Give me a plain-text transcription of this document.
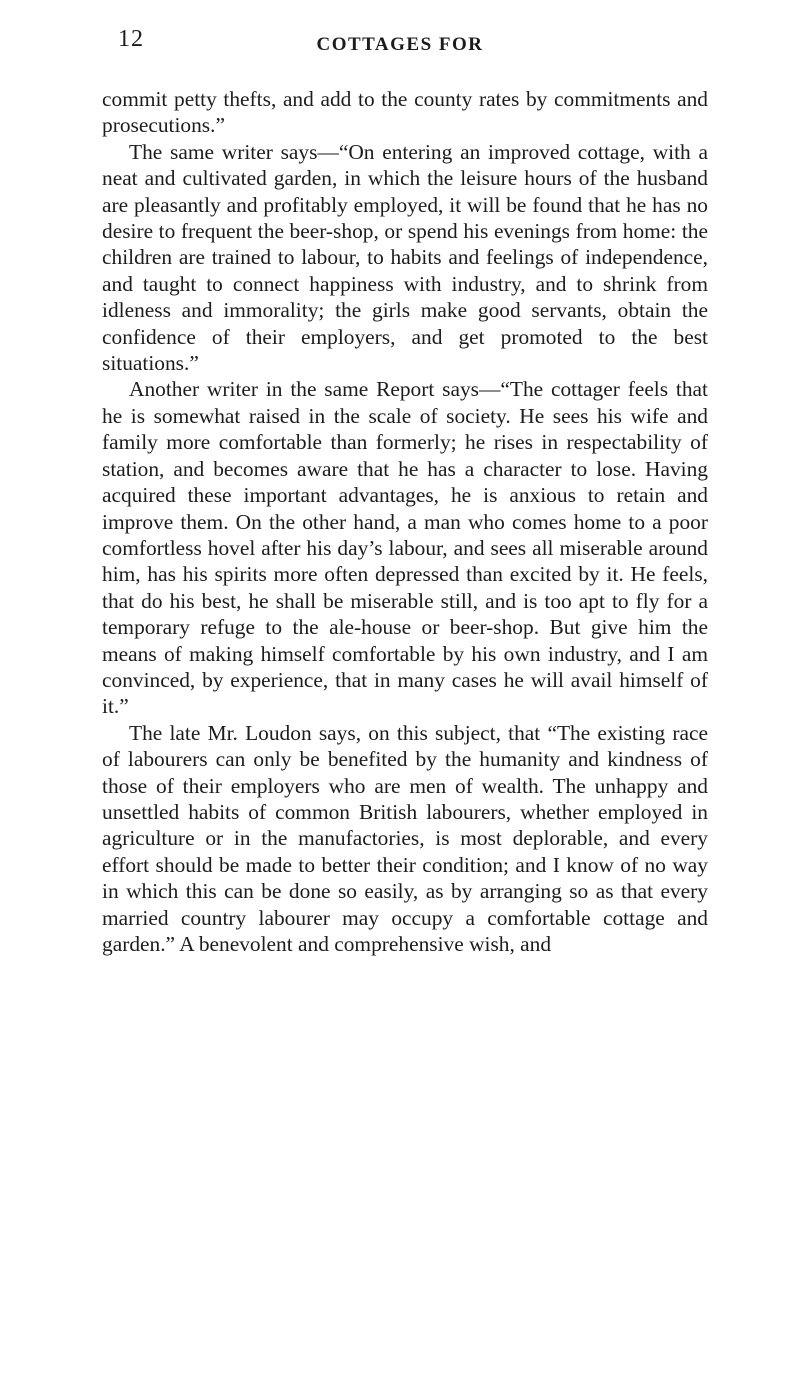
12	COTTAGES FOR

commit petty thefts, and add to the county rates by commitments and prosecutions.”

The same writer says—“On entering an improved cottage, with a neat and cultivated garden, in which the leisure hours of the husband are pleasantly and profitably employed, it will be found that he has no desire to frequent the beer-shop, or spend his evenings from home: the children are trained to labour, to habits and feelings of independence, and taught to connect happiness with industry, and to shrink from idleness and immorality; the girls make good servants, obtain the confidence of their employers, and get promoted to the best situations.”

Another writer in the same Report says—“The cottager feels that he is somewhat raised in the scale of society. He sees his wife and family more comfortable than formerly; he rises in respectability of station, and becomes aware that he has a character to lose. Having acquired these important advantages, he is anxious to retain and improve them. On the other hand, a man who comes home to a poor comfortless hovel after his day’s labour, and sees all miserable around him, has his spirits more often depressed than excited by it. He feels, that do his best, he shall be miserable still, and is too apt to fly for a temporary refuge to the ale-house or beer-shop. But give him the means of making himself comfortable by his own industry, and I am convinced, by experience, that in many cases he will avail himself of it.”

The late Mr. Loudon says, on this subject, that “The existing race of labourers can only be benefited by the humanity and kindness of those of their employers who are men of wealth. The unhappy and unsettled habits of common British labourers, whether employed in agriculture or in the manufactories, is most deplorable, and every effort should be made to better their condition; and I know of no way in which this can be done so easily, as by arranging so as that every married country labourer may occupy a comfortable cottage and garden.” A benevolent and comprehensive wish, and
